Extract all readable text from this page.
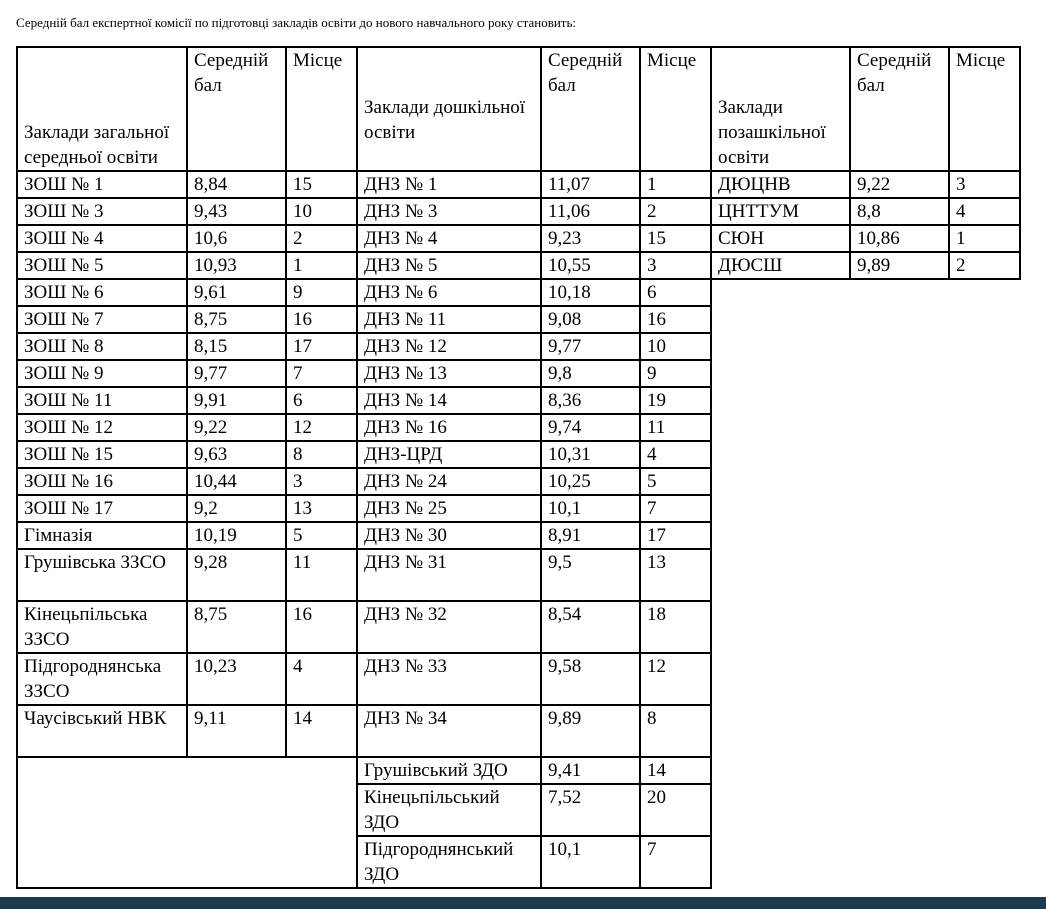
Середній бал експертної комісії по підготовці закладів освіти до нового навчального року становить:
Заклади загальної середньої освіти	Середній бал	Місце	Заклади дошкільної освіти	Середній бал	Місце	Заклади позашкільної освіти	Середній бал	Місце
ЗОШ № 1	8,84	15	ДНЗ № 1	11,07	1	ДЮЦНВ	9,22	3
ЗОШ № 3	9,43	10	ДНЗ № 3	11,06	2	ЦНТТУМ	8,8	4
ЗОШ № 4	10,6	2	ДНЗ № 4	9,23	15	СЮН	10,86	1
ЗОШ № 5	10,93	1	ДНЗ № 5	10,55	3	ДЮСШ	9,89	2
ЗОШ № 6	9,61	9	ДНЗ № 6	10,18	6			
ЗОШ № 7	8,75	16	ДНЗ № 11	9,08	16			
ЗОШ № 8	8,15	17	ДНЗ № 12	9,77	10			
ЗОШ № 9	9,77	7	ДНЗ № 13	9,8	9			
ЗОШ № 11	9,91	6	ДНЗ № 14	8,36	19			
ЗОШ № 12	9,22	12	ДНЗ № 16	9,74	11			
ЗОШ № 15	9,63	8	ДНЗ-ЦРД	10,31	4			
ЗОШ № 16	10,44	3	ДНЗ № 24	10,25	5			
ЗОШ № 17	9,2	13	ДНЗ № 25	10,1	7			
Гімназія	10,19	5	ДНЗ № 30	8,91	17			
Грушівська ЗЗСО	9,28	11	ДНЗ № 31	9,5	13			
Кінецьпільська ЗЗСО	8,75	16	ДНЗ № 32	8,54	18			
Підгороднянська ЗЗСО	10,23	4	ДНЗ № 33	9,58	12			
Чаусівський НВК	9,11	14	ДНЗ № 34	9,89	8			
			Грушівський ЗДО	9,41	14			
			Кінецьпільський ЗДО	7,52	20			
			Підгороднянський ЗДО	10,1	7			
